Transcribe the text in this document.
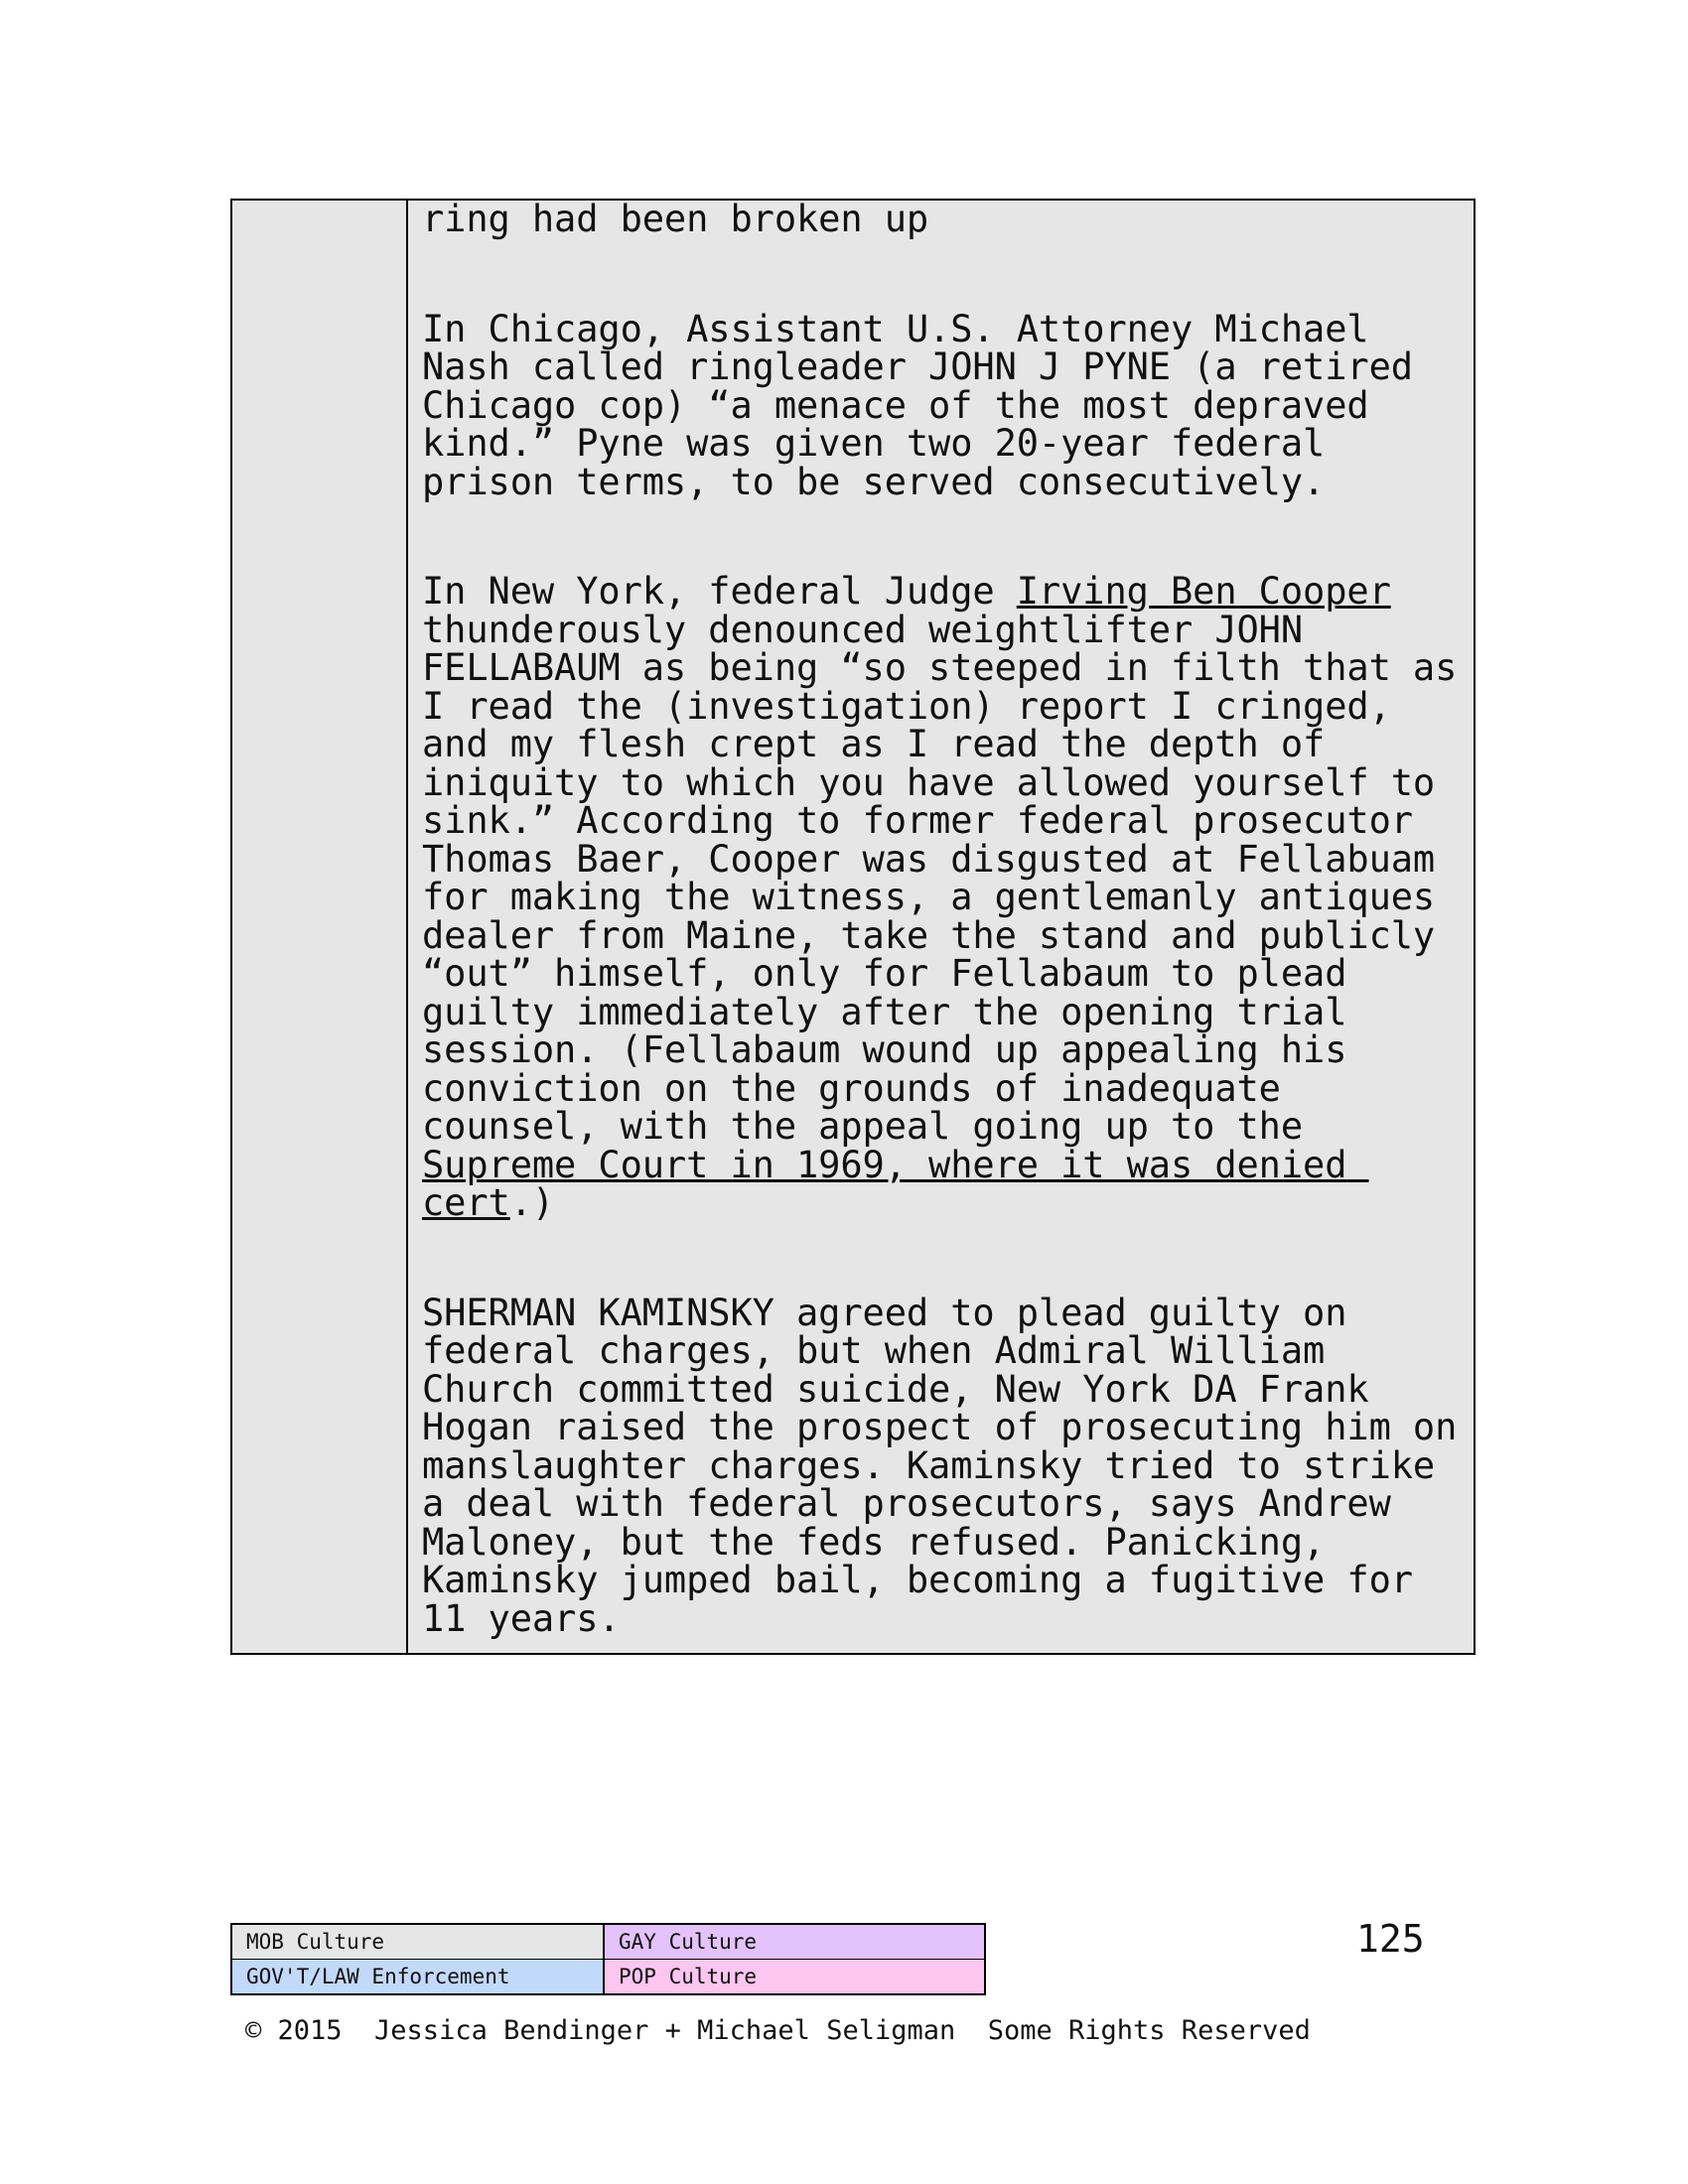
ring had been broken up

In Chicago, Assistant U.S. Attorney Michael Nash called ringleader JOHN J PYNE (a retired Chicago cop) “a menace of the most depraved kind.” Pyne was given two 20-year federal prison terms, to be served consecutively.

In New York, federal Judge Irving Ben Cooper thunderously denounced weightlifter JOHN FELLABAUM as being “so steeped in filth that as I read the (investigation) report I cringed, and my flesh crept as I read the depth of iniquity to which you have allowed yourself to sink.” According to former federal prosecutor Thomas Baer, Cooper was disgusted at Fellabuam for making the witness, a gentlemanly antiques dealer from Maine, take the stand and publicly “out” himself, only for Fellabaum to plead guilty immediately after the opening trial session. (Fellabaum wound up appealing his conviction on the grounds of inadequate counsel, with the appeal going up to the Supreme Court in 1969, where it was denied cert.)

SHERMAN KAMINSKY agreed to plead guilty on federal charges, but when Admiral William Church committed suicide, New York DA Frank Hogan raised the prospect of prosecuting him on manslaughter charges. Kaminsky tried to strike a deal with federal prosecutors, says Andrew Maloney, but the feds refused. Panicking, Kaminsky jumped bail, becoming a fugitive for 11 years.

MOB Culture	GAY Culture
GOV'T/LAW Enforcement	POP Culture
125
© 2015  Jessica Bendinger + Michael Seligman  Some Rights Reserved
